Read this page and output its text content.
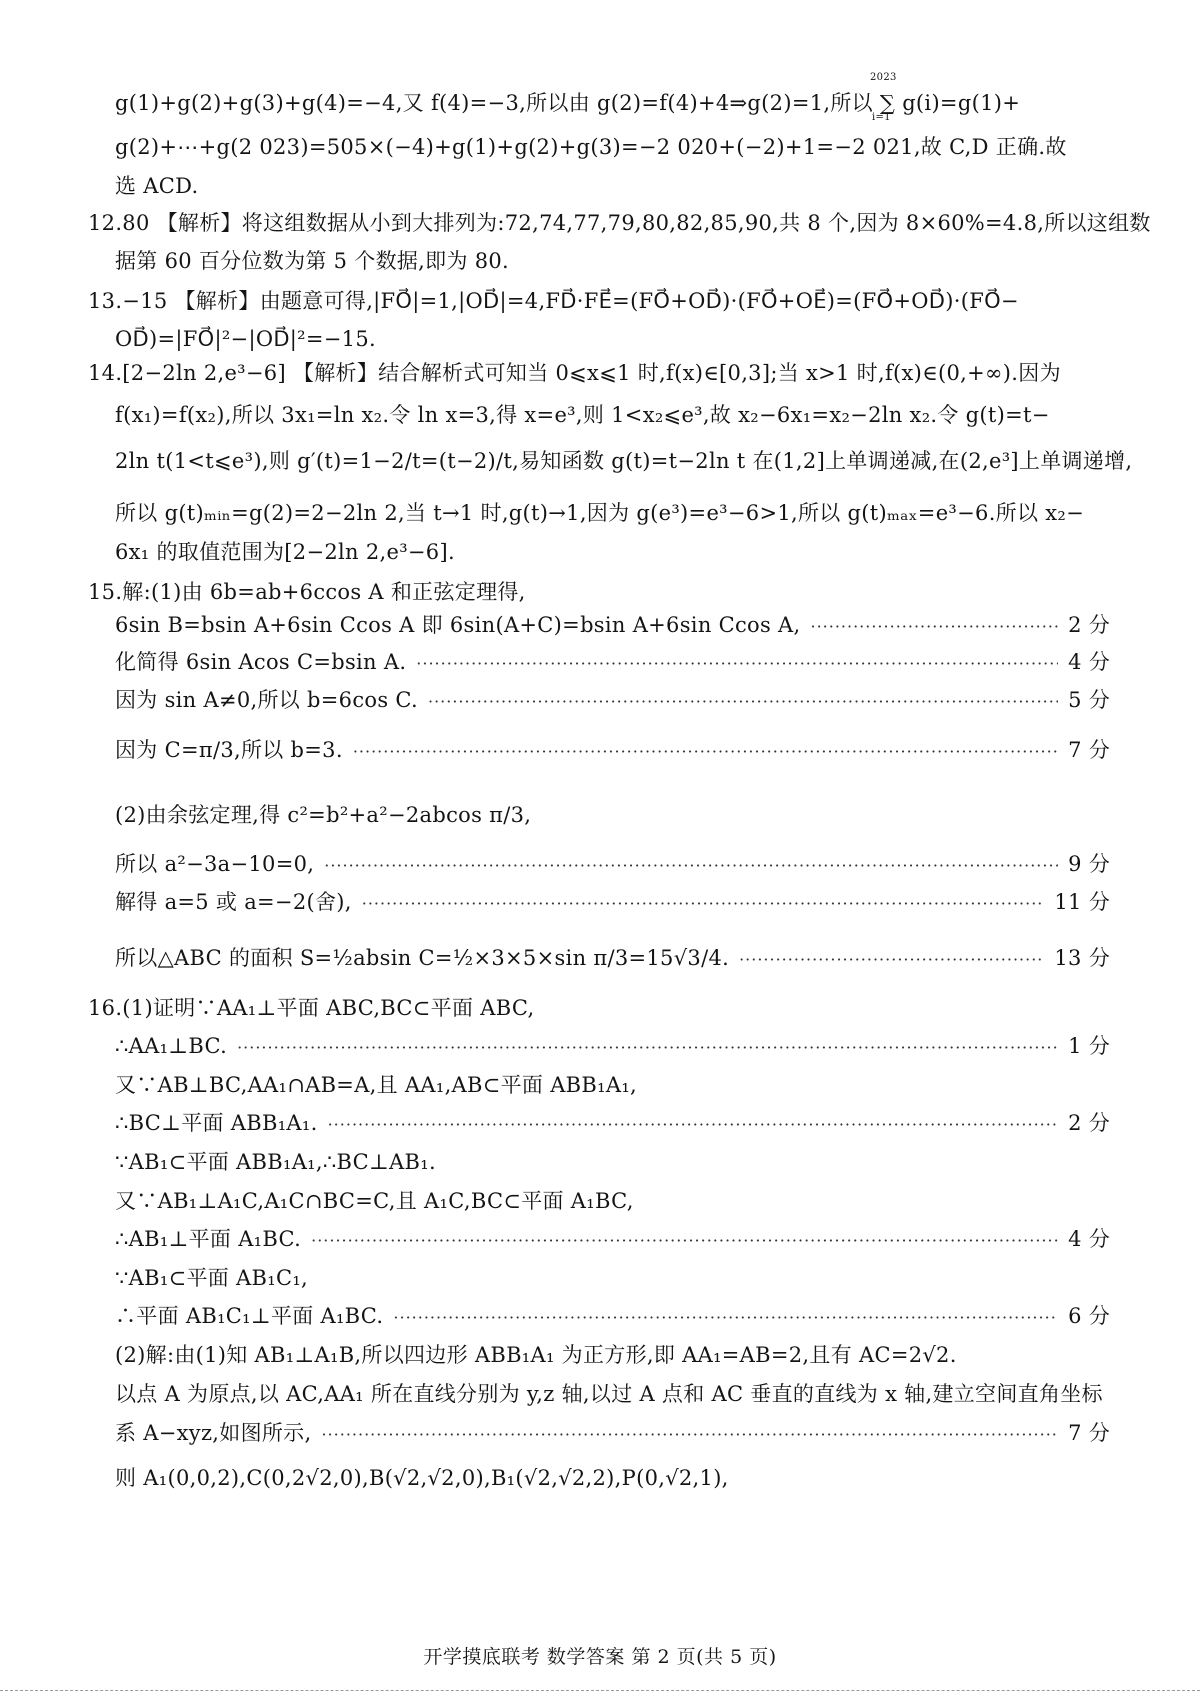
g(1)+g(2)+g(3)+g(4)=−4,又 f(4)=−3,所以由 g(2)=f(4)+4⇒g(2)=1,所以 ∑ g(i)=g(1)+
2023
i=1
g(2)+⋯+g(2 023)=505×(−4)+g(1)+g(2)+g(3)=−2 020+(−2)+1=−2 021,故 C,D 正确.故
选 ACD.
12.80 【解析】将这组数据从小到大排列为:72,74,77,79,80,82,85,90,共 8 个,因为 8×60%=4.8,所以这组数
据第 60 百分位数为第 5 个数据,即为 80.
13.−15 【解析】由题意可得,|FO⃗|=1,|OD⃗|=4,FD⃗·FE⃗=(FO⃗+OD⃗)·(FO⃗+OE⃗)=(FO⃗+OD⃗)·(FO⃗−
OD⃗)=|FO⃗|²−|OD⃗|²=−15.
14.[2−2ln 2,e³−6] 【解析】结合解析式可知当 0⩽x⩽1 时,f(x)∈[0,3];当 x>1 时,f(x)∈(0,+∞).因为
f(x₁)=f(x₂),所以 3x₁=ln x₂.令 ln x=3,得 x=e³,则 1<x₂⩽e³,故 x₂−6x₁=x₂−2ln x₂.令 g(t)=t−
2ln t(1<t⩽e³),则 g′(t)=1−2/t=(t−2)/t,易知函数 g(t)=t−2ln t 在(1,2]上单调递减,在(2,e³]上单调递增,
所以 g(t)ₘᵢₙ=g(2)=2−2ln 2,当 t→1 时,g(t)→1,因为 g(e³)=e³−6>1,所以 g(t)ₘₐₓ=e³−6.所以 x₂−
6x₁ 的取值范围为[2−2ln 2,e³−6].
15.解:(1)由 6b=ab+6ccos A 和正弦定理得,
6sin B=bsin A+6sin Ccos A 即 6sin(A+C)=bsin A+6sin Ccos A, ·····	2 分
化简得 6sin Acos C=bsin A. ·····	4 分
因为 sin A≠0,所以 b=6cos C. ·····	5 分
因为 C=π/3,所以 b=3. ·····	7 分
(2)由余弦定理,得 c²=b²+a²−2abcos π/3,
所以 a²−3a−10=0, ·····	9 分
解得 a=5 或 a=−2(舍), ·····	11 分
所以△ABC 的面积 S=½absin C=½×3×5×sin π/3=15√3/4. ·····	13 分
16.(1)证明∵AA₁⊥平面 ABC,BC⊂平面 ABC,
∴AA₁⊥BC. ·····	1 分
又∵AB⊥BC,AA₁∩AB=A,且 AA₁,AB⊂平面 ABB₁A₁,
∴BC⊥平面 ABB₁A₁. ·····	2 分
∵AB₁⊂平面 ABB₁A₁,∴BC⊥AB₁.
又∵AB₁⊥A₁C,A₁C∩BC=C,且 A₁C,BC⊂平面 A₁BC,
∴AB₁⊥平面 A₁BC. ·····	4 分
∵AB₁⊂平面 AB₁C₁,
∴平面 AB₁C₁⊥平面 A₁BC. ·····	6 分
(2)解:由(1)知 AB₁⊥A₁B,所以四边形 ABB₁A₁ 为正方形,即 AA₁=AB=2,且有 AC=2√2.
以点 A 为原点,以 AC,AA₁ 所在直线分别为 y,z 轴,以过 A 点和 AC 垂直的直线为 x 轴,建立空间直角坐标
系 A−xyz,如图所示, ·····	7 分
则 A₁(0,0,2),C(0,2√2,0),B(√2,√2,0),B₁(√2,√2,2),P(0,√2,1),
开学摸底联考 数学答案 第 2 页(共 5 页)
